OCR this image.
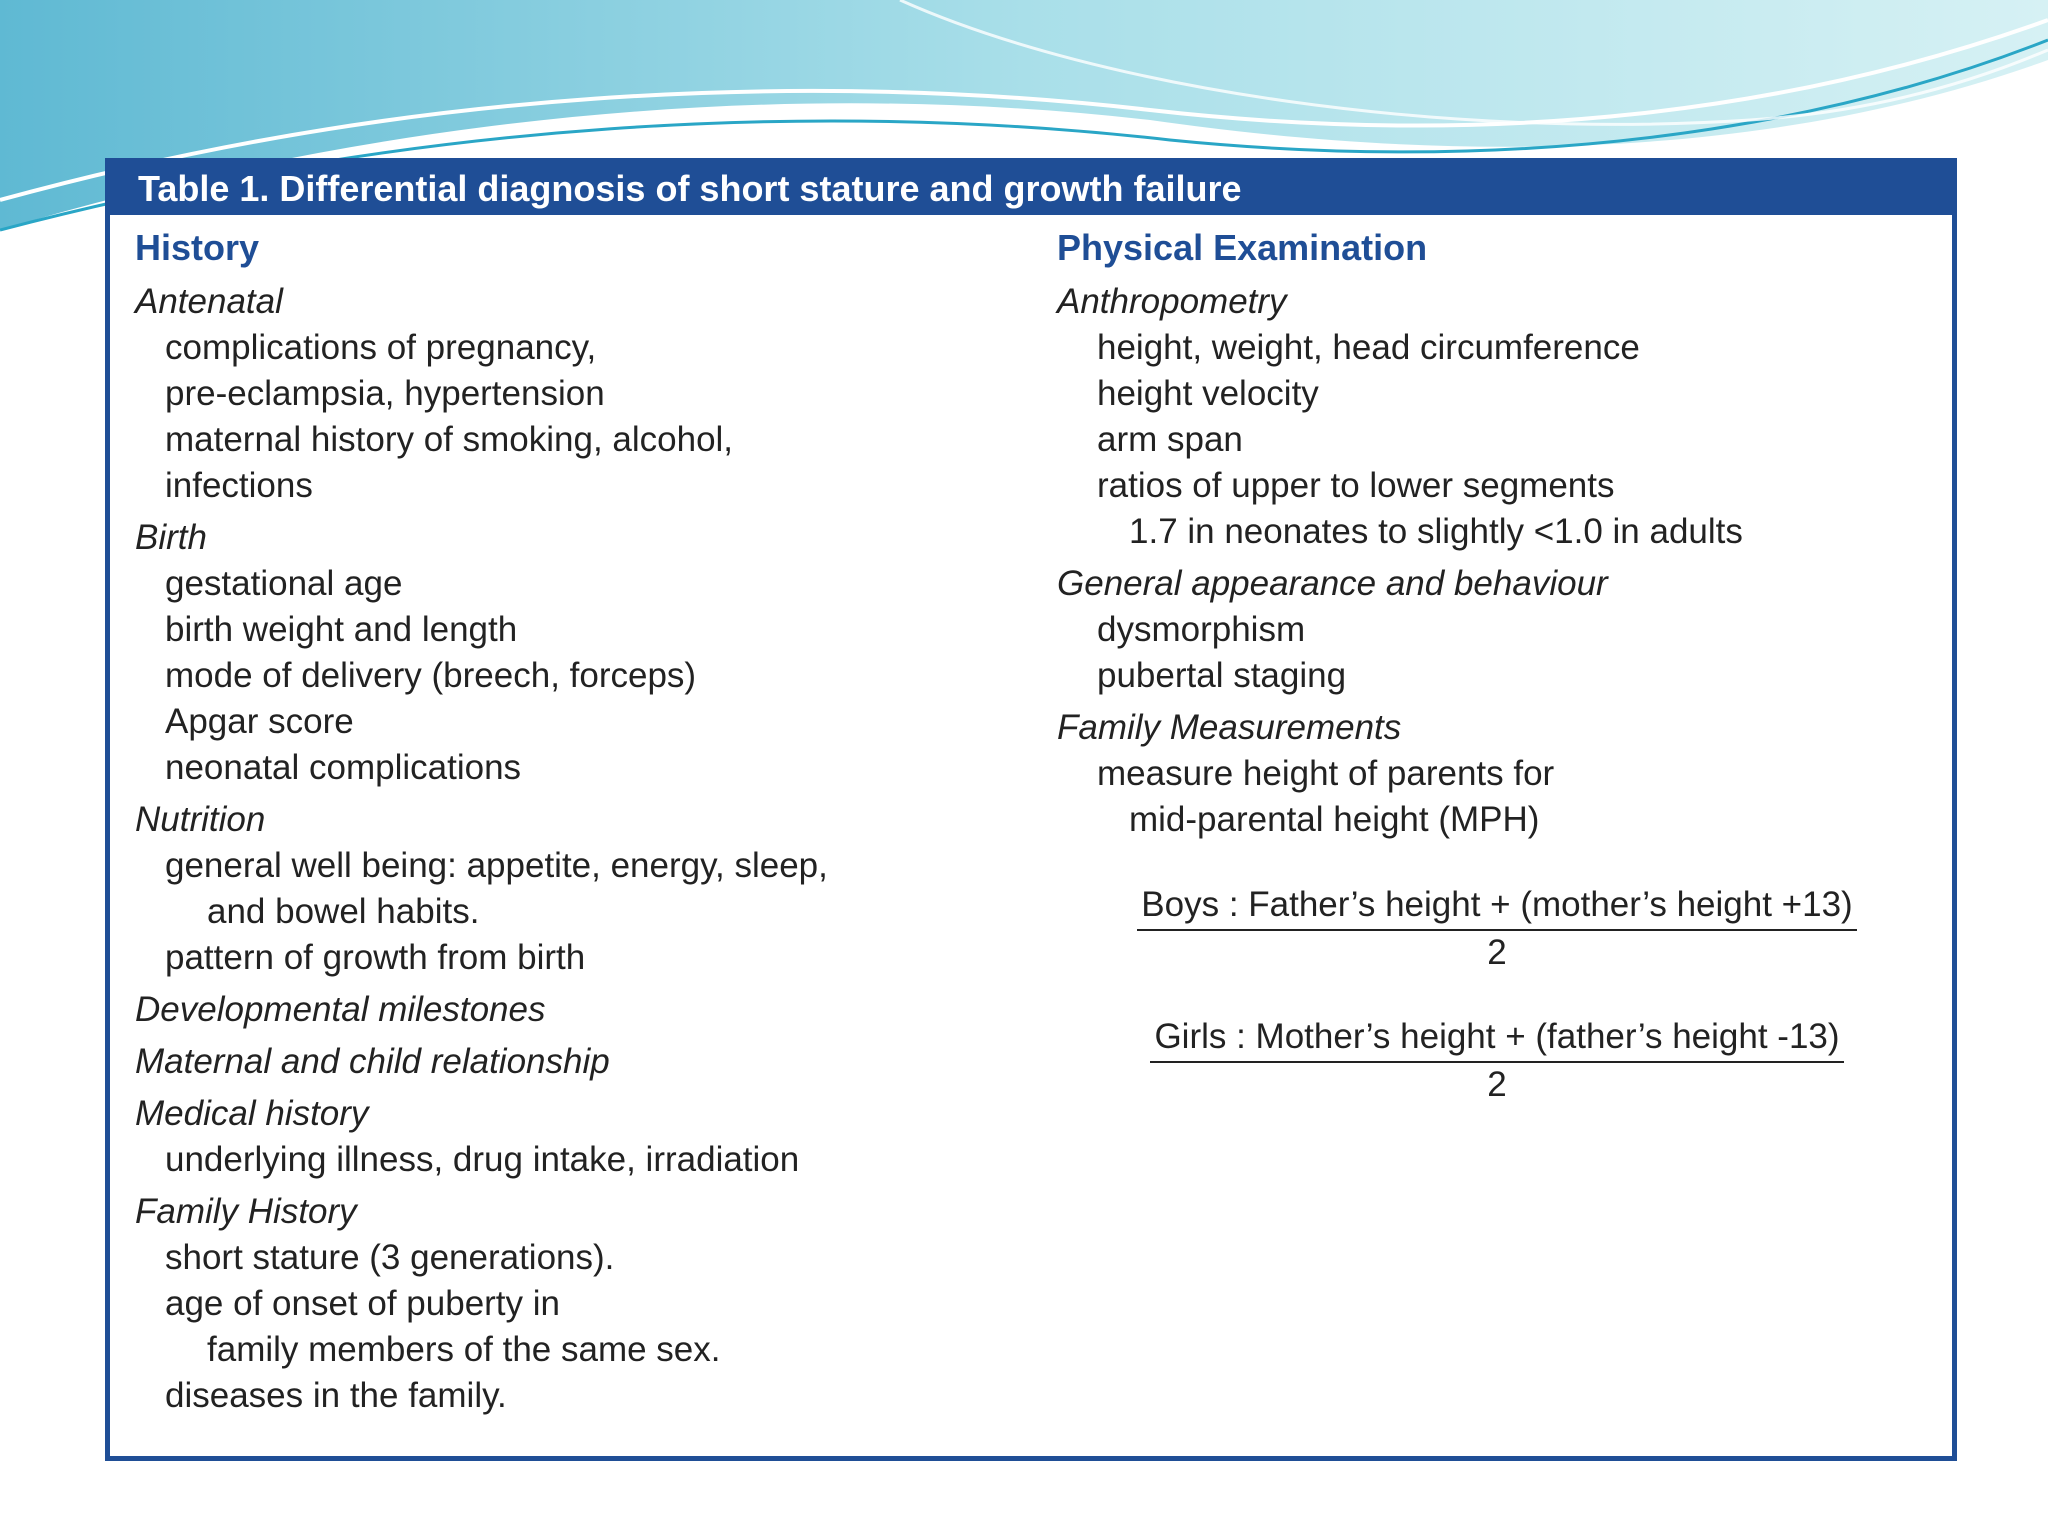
Table 1. Differential diagnosis of short stature and growth failure
History
Antenatal
complications of pregnancy,
pre-eclampsia, hypertension
maternal history of smoking, alcohol,
infections
Birth
gestational age
birth weight and length
mode of delivery (breech, forceps)
Apgar score
neonatal complications
Nutrition
general well being: appetite, energy, sleep,
and bowel habits.
pattern of growth from birth
Developmental milestones
Maternal and child relationship
Medical history
underlying illness, drug intake, irradiation
Family History
short stature (3 generations).
age of onset of puberty in
family members of the same sex.
diseases in the family.
Physical Examination
Anthropometry
height, weight, head circumference
height velocity
arm span
ratios of upper to lower segments
1.7 in neonates to slightly <1.0 in adults
General appearance and behaviour
dysmorphism
pubertal staging
Family Measurements
measure height of parents for
mid-parental height (MPH)
Boys : Father’s height + (mother’s height +13)
2
Girls : Mother’s height + (father’s height -13)
2
